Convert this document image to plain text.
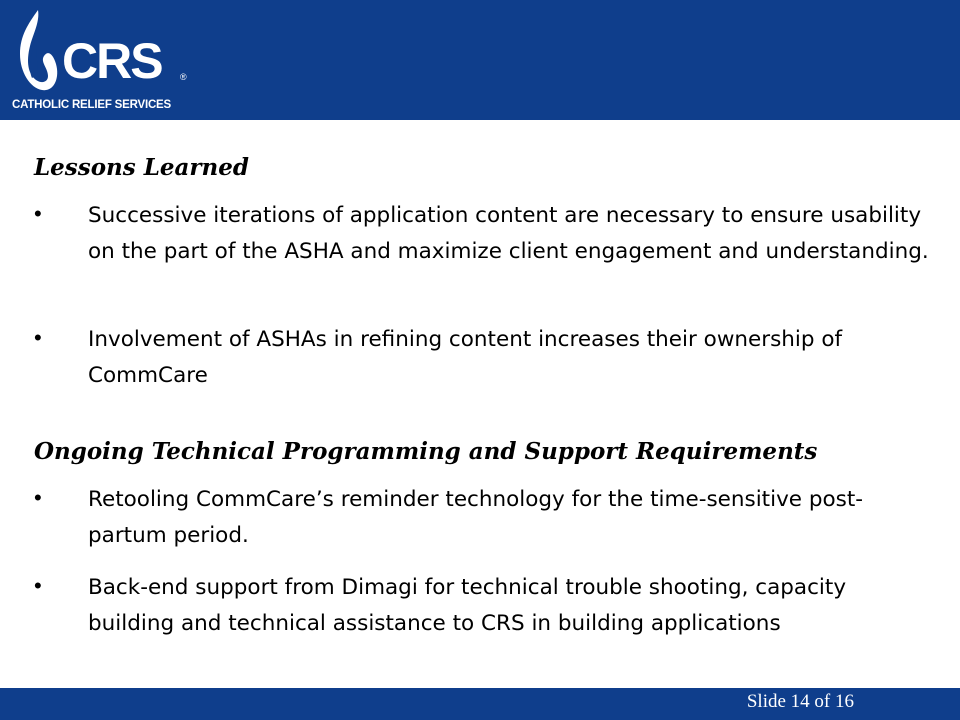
CRS ®
CATHOLIC RELIEF SERVICES
Lessons Learned
• Successive iterations of application content are necessary to ensure usability on the part of the ASHA and maximize client engagement and understanding.
• Involvement of ASHAs in refining content increases their ownership of CommCare
Ongoing Technical Programming and Support Requirements
• Retooling CommCare’s reminder technology for the time-sensitive post-partum period.
• Back-end support from Dimagi for technical trouble shooting, capacity building and technical assistance to CRS in building applications
Slide 14 of 16
